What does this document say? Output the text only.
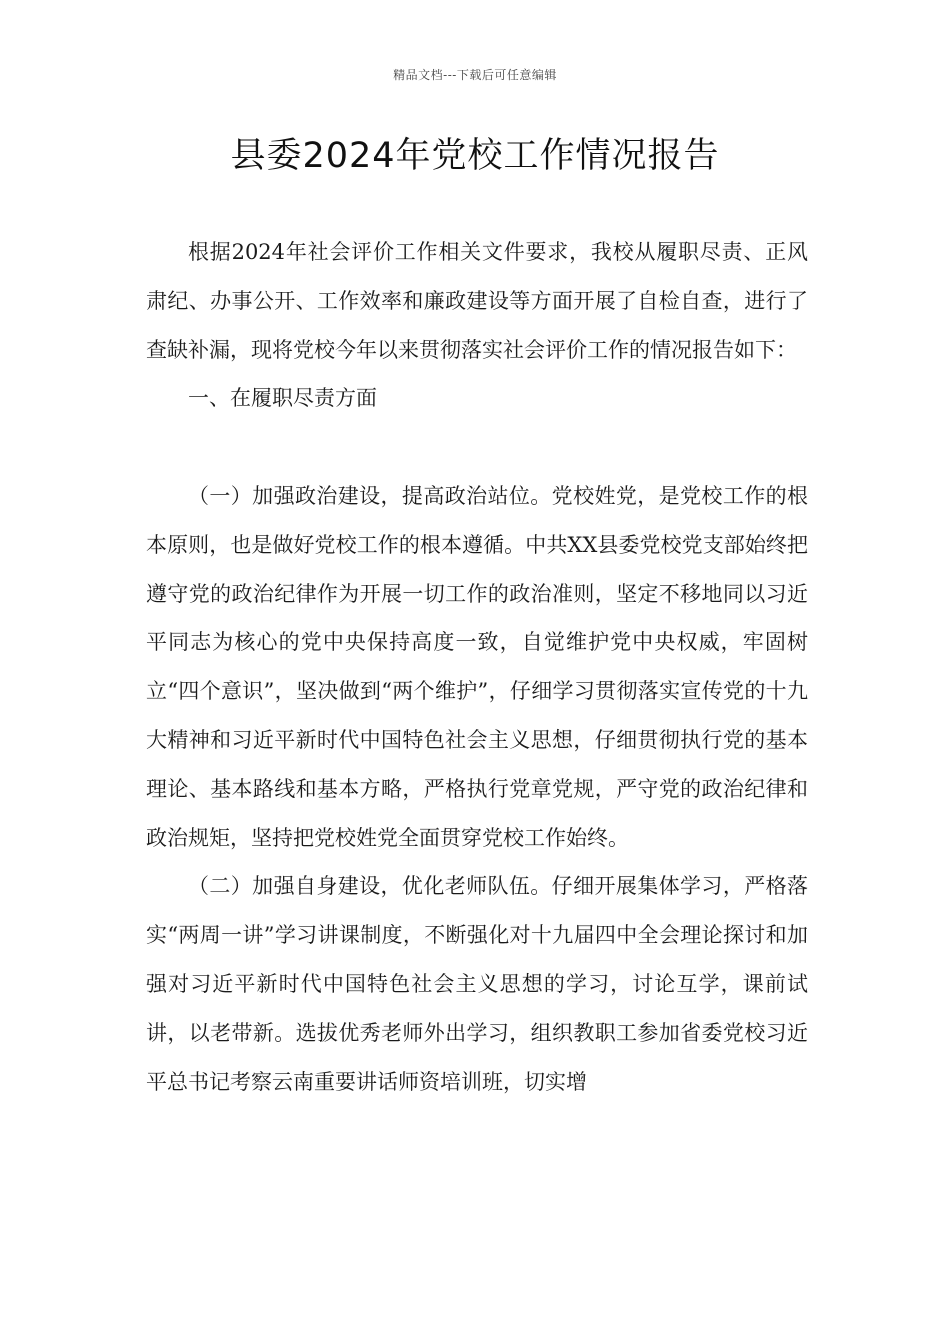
精品文档---下载后可任意编辑
县委2024年党校工作情况报告

根据2024年社会评价工作相关文件要求，我校从履职尽责、正风肃纪、办事公开、工作效率和廉政建设等方面开展了自检自查，进行了查缺补漏，现将党校今年以来贯彻落实社会评价工作的情况报告如下：

一、在履职尽责方面

（一）加强政治建设，提高政治站位。党校姓党，是党校工作的根本原则，也是做好党校工作的根本遵循。中共XX县委党校党支部始终把遵守党的政治纪律作为开展一切工作的政治准则，坚定不移地同以习近平同志为核心的党中央保持高度一致，自觉维护党中央权威，牢固树立“四个意识”，坚决做到“两个维护”，仔细学习贯彻落实宣传党的十九大精神和习近平新时代中国特色社会主义思想，仔细贯彻执行党的基本理论、基本路线和基本方略，严格执行党章党规，严守党的政治纪律和政治规矩，坚持把党校姓党全面贯穿党校工作始终。

（二）加强自身建设，优化老师队伍。仔细开展集体学习，严格落实“两周一讲”学习讲课制度，不断强化对十九届四中全会理论探讨和加强对习近平新时代中国特色社会主义思想的学习，讨论互学，课前试讲，以老带新。选拔优秀老师外出学习，组织教职工参加省委党校习近平总书记考察云南重要讲话师资培训班，切实增
